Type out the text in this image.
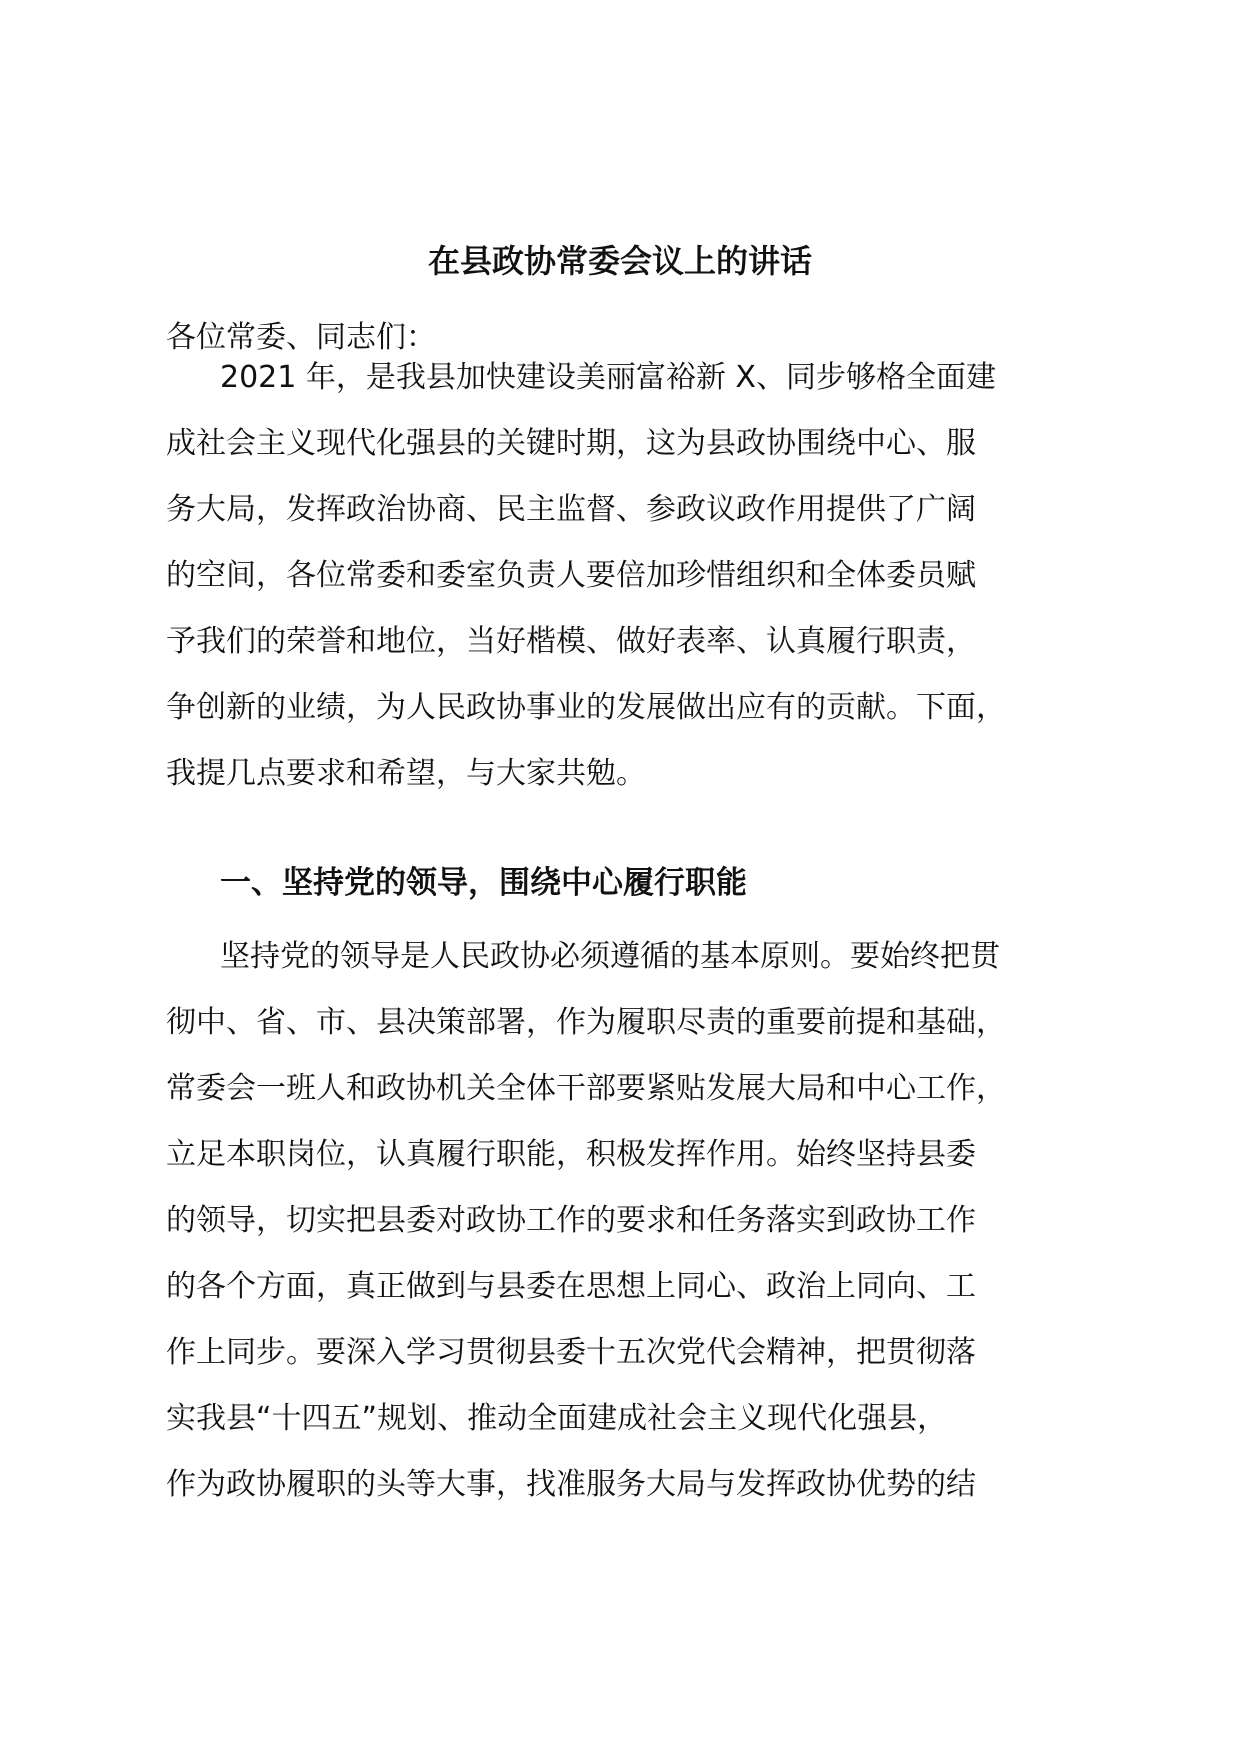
在县政协常委会议上的讲话

各位常委、同志们：

2021 年，是我县加快建设美丽富裕新 X、同步够格全面建
成社会主义现代化强县的关键时期，这为县政协围绕中心、服
务大局，发挥政治协商、民主监督、参政议政作用提供了广阔
的空间，各位常委和委室负责人要倍加珍惜组织和全体委员赋
予我们的荣誉和地位，当好楷模、做好表率、认真履行职责，
争创新的业绩，为人民政协事业的发展做出应有的贡献。下面，
我提几点要求和希望，与大家共勉。
一、坚持党的领导，围绕中心履行职能
坚持党的领导是人民政协必须遵循的基本原则。要始终把贯
彻中、省、市、县决策部署，作为履职尽责的重要前提和基础，
常委会一班人和政协机关全体干部要紧贴发展大局和中心工作，
立足本职岗位，认真履行职能，积极发挥作用。始终坚持县委
的领导，切实把县委对政协工作的要求和任务落实到政协工作
的各个方面，真正做到与县委在思想上同心、政治上同向、工
作上同步。要深入学习贯彻县委十五次党代会精神，把贯彻落
实我县“十四五”规划、推动全面建成社会主义现代化强县，
作为政协履职的头等大事，找准服务大局与发挥政协优势的结
